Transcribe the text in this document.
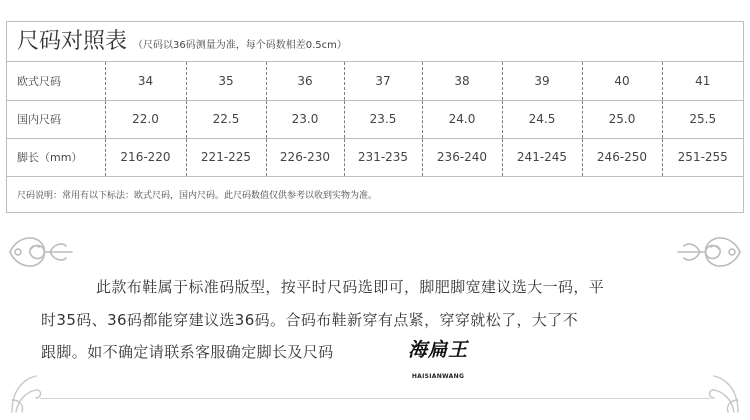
尺码对照表 （尺码以36码测量为准，每个码数相差0.5cm）
欧式尺码	34	35	36	37	38	39	40	41
国内尺码	22.0	22.5	23.0	23.5	24.0	24.5	25.0	25.5
脚长（mm）	216-220	221-225	226-230	231-235	236-240	241-245	246-250	251-255
尺码说明：常用有以下标法：欧式尺码，国内尺码。此尺码数值仅供参考以收到实物为准。
此款布鞋属于标准码版型，按平时尺码选即可，脚肥脚宽建议选大一码，平
时35码、36码都能穿建议选36码。合码布鞋新穿有点紧，穿穿就松了，大了不
跟脚。如不确定请联系客服确定脚长及尺码	海扁王
HAISIANWANG
